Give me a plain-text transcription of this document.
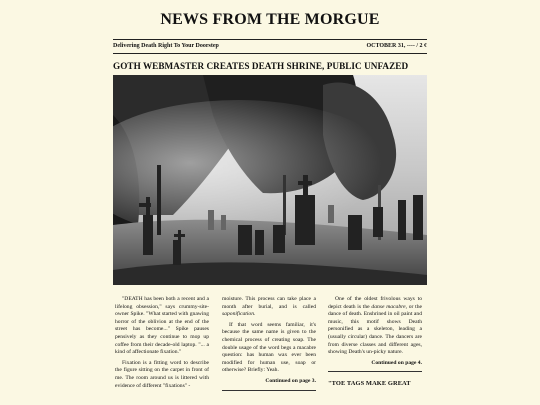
NEWS FROM THE MORGUE
Delivering Death Right To Your Doorstep	OCTOBER 31, ---- / 2 ¢
GOTH WEBMASTER CREATES DEATH SHRINE, PUBLIC UNFAZED

"DEATH has been both a recent and a lifelong obsession," says crummy-site-owner Spike. "What started with gnawing horror of the oblivion at the end of the street has become..." Spike pauses pensively as they continue to mop up coffee from their decade-old laptop. "... a kind of affectionate fixation."

Fixation is a fitting word to describe the figure sitting on the carpet in front of me. The room around us is littered with evidence of different "fixations" -

moisture. This process can take place a month after burial, and is called saponification.

If that word seems familiar, it's because the same name is given to the chemical process of creating soap. The double usage of the word begs a macabre question: has human wax ever been modified for human use, soap or otherwise? Briefly: Yeah.

Continued on page 3.

One of the oldest frivolous ways to depict death is the danse macabre, or the dance of death. Enshrined in oil paint and music, this motif shows Death personified as a skeleton, leading a (usually circular) dance. The dancers are from diverse classes and different ages, showing Death's un-picky nature.

Continued on page 4.

"TOE TAGS MAKE GREAT
